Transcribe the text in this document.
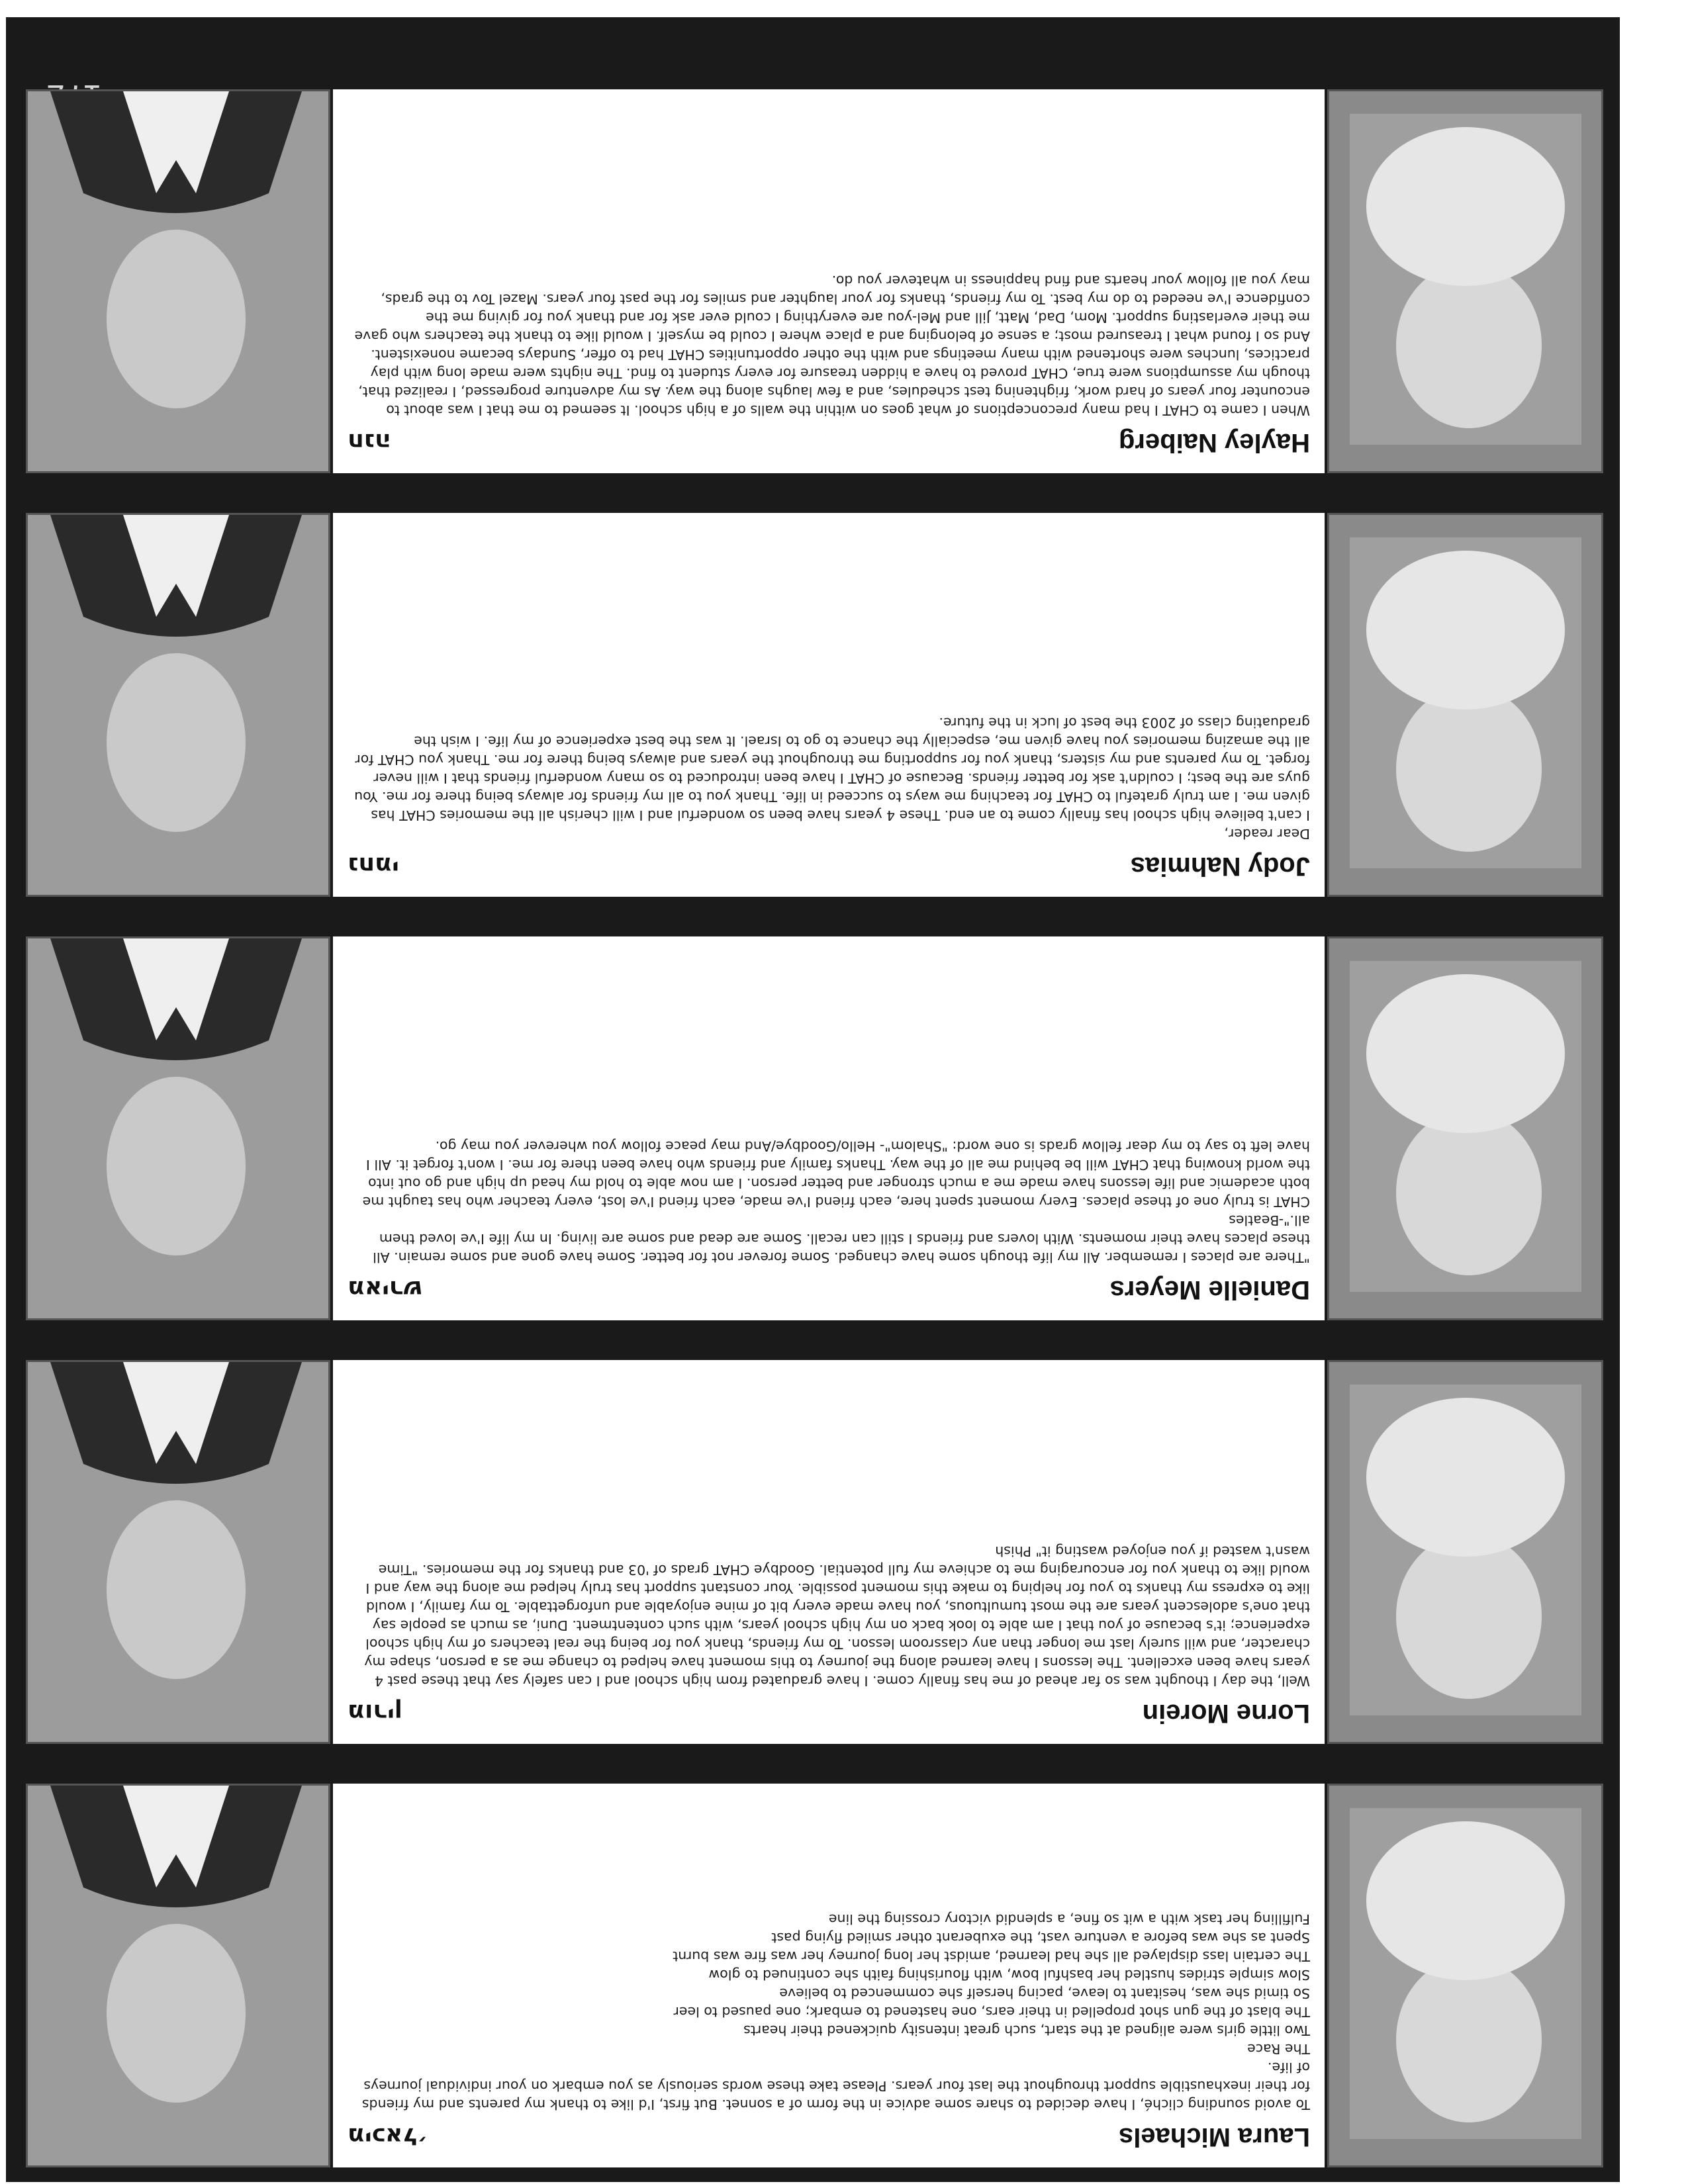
Laura Michaels
מיכאל׳
To avoid sounding cliché, I have decided to share some advice in the form of a sonnet. But first, I'd like to thank my parents and my friends for their inexhaustible support throughout the last four years. Please take these words seriously as you embark on your individual journeys of life.
The Race
Two little girls were aligned at the start, such great intensity quickened their hearts
The blast of the gun shot propelled in their ears, one hastened to embark; one paused to leer
So timid she was, hesitant to leave, pacing herself she commenced to believe
Slow simple strides hustled her bashful bow, with flourishing faith she continued to glow
The certain lass displayed all she had learned, amidst her long journey her was fire was burnt
Spent as she was before a venture vast, the exuberant other smiled flying past
Fulfilling her task with a wit so fine, a splendid victory crossing the line
Lorne Morein
מורין
Well, the day I thought was so far ahead of me has finally come. I have graduated from high school and I can safely say that these past 4 years have been excellent. The lessons I have learned along the journey to this moment have helped to change me as a person, shape my character, and will surely last me longer than any classroom lesson. To my friends, thank you for being the real teachers of my high school experience; it's because of you that I am able to look back on my high school years, with such contentment. Duni, as much as people say that one's adolescent years are the most tumultuous, you have made every bit of mine enjoyable and unforgettable. To my family, I would like to express my thanks to you for helping to make this moment possible. Your constant support has truly helped me along the way and I would like to thank you for encouraging me to achieve my full potential. Goodbye CHAT grads of '03 and thanks for the memories. "Time wasn't wasted if you enjoyed wasting it" Phish
Danielle Meyers
מאירש
"There are places I remember. All my life though some have changed. Some forever not for better. Some have gone and some remain. All these places have their moments. With lovers and friends I still can recall. Some are dead and some are living. In my life I've loved them all."-Beatles
CHAT is truly one of these places. Every moment spent here, each friend I've made, each friend I've lost, every teacher who has taught me both academic and life lessons have made me a much stronger and better person. I am now able to hold my head up high and go out into the world knowing that CHAT will be behind me all of the way. Thanks family and friends who have been there for me. I won't forget it. All I have left to say to my dear fellow grads is one word: "Shalom"- Hello/Goodbye/And may peace follow you wherever you may go.
Jody Nahmias
נחמי
Dear reader,
I can't believe high school has finally come to an end. These 4 years have been so wonderful and I will cherish all the memories CHAT has given me. I am truly grateful to CHAT for teaching me ways to succeed in life. Thank you to all my friends for always being there for me. You guys are the best; I couldn't ask for better friends. Because of CHAT I have been introduced to so many wonderful friends that I will never forget. To my parents and my sisters, thank you for supporting me throughout the years and always being there for me. Thank you CHAT for all the amazing memories you have given me, especially the chance to go to Israel. It was the best experience of my life. I wish the graduating class of 2003 the best of luck in the future.
Hayley Naiberg
חנה
When I came to CHAT I had many preconceptions of what goes on within the walls of a high school. It seemed to me that I was about to encounter four years of hard work, frightening test schedules, and a few laughs along the way. As my adventure progressed, I realized that, though my assumptions were true, CHAT proved to have a hidden treasure for every student to find. The nights were made long with play practices, lunches were shortened with many meetings and with the other opportunities CHAT had to offer, Sundays became nonexistent. And so I found what I treasured most; a sense of belonging and a place where I could be myself. I would like to thank the teachers who gave me their everlasting support. Mom, Dad, Matt, Jill and Mel-you are everything I could ever ask for and thank you for giving me the confidence I've needed to do my best. To my friends, thanks for your laughter and smiles for the past four years. Mazel Tov to the grads, may you all follow your hearts and find happiness in whatever you do.
